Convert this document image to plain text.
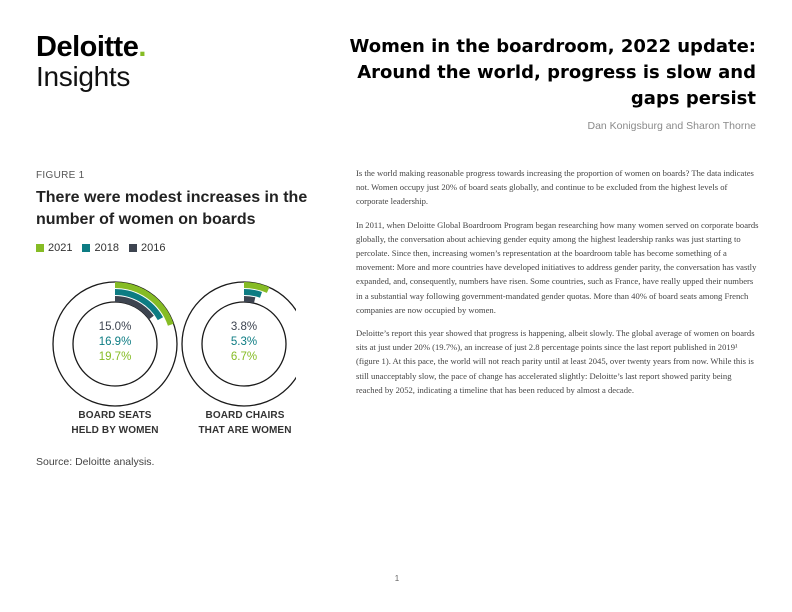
Deloitte.
Insights
Women in the boardroom, 2022 update:
Around the world, progress is slow and
gaps persist
Dan Konigsburg and Sharon Thorne
FIGURE 1
There were modest increases in the number of women on boards
2021 2018 2016
15.0%
16.9%
19.7%
3.8%
5.3%
6.7%
BOARD SEATS
HELD BY WOMEN
BOARD CHAIRS
THAT ARE WOMEN
Source: Deloitte analysis.

Is the world making reasonable progress towards increasing the proportion of women on boards? The data indicates not. Women occupy just 20% of board seats globally, and continue to be excluded from the highest levels of corporate leadership.

In 2011, when Deloitte Global Boardroom Program began researching how many women served on corporate boards globally, the conversation about achieving gender equity among the highest leadership ranks was just starting to percolate. Since then, increasing women’s representation at the boardroom table has become something of a movement: More and more countries have developed initiatives to address gender parity, the conversation has vastly expanded, and, consequently, numbers have risen. Some countries, such as France, have really upped their numbers in a substantial way following government-mandated gender quotas. More than 40% of board seats among French companies are now occupied by women.

Deloitte’s report this year showed that progress is happening, albeit slowly. The global average of women on boards sits at just under 20% (19.7%), an increase of just 2.8 percentage points since the last report published in 2019¹ (figure 1). At this pace, the world will not reach parity until at least 2045, over twenty years from now. While this is still unacceptably slow, the pace of change has accelerated slightly: Deloitte’s last report showed parity being reached by 2052, indicating a timeline that has been reduced by almost a decade.

1
